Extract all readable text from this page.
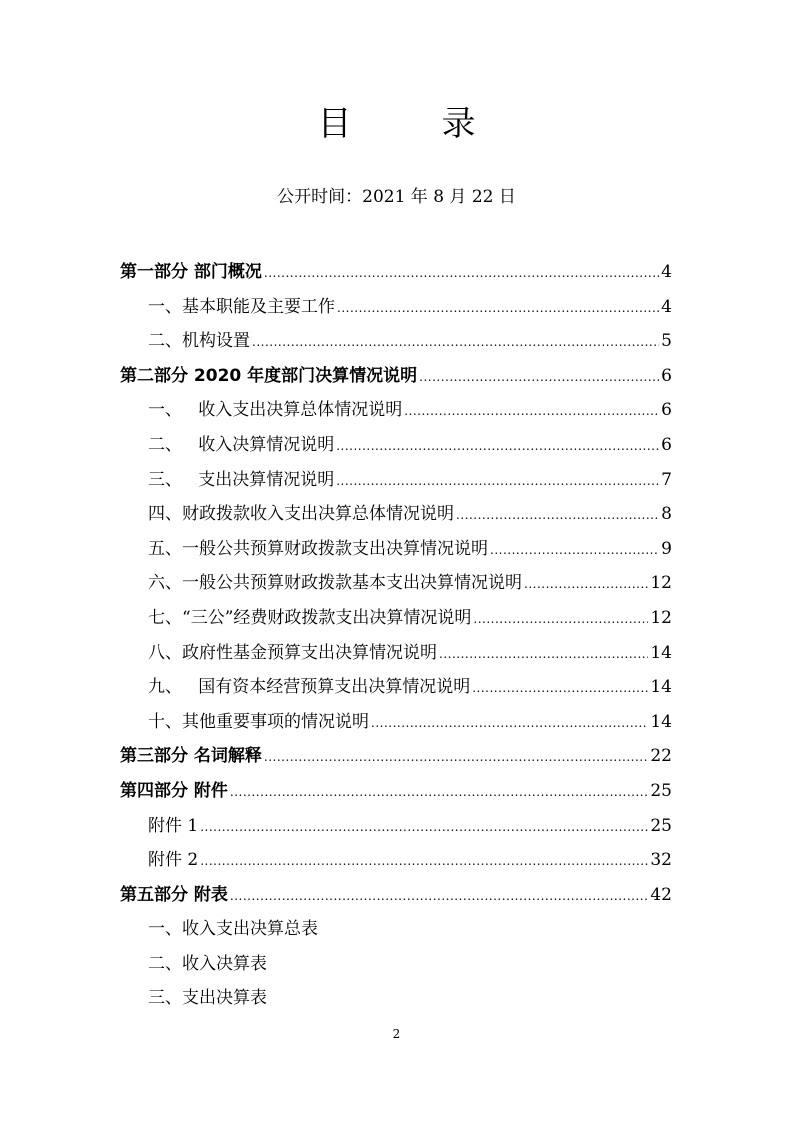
目　录
公开时间：2021 年 8 月 22 日
第一部分 部门概况 .....	4
一、基本职能及主要工作 .....	4
二、机构设置 .....	5
第二部分 2020 年度部门决算情况说明 .....	6
一、   收入支出决算总体情况说明 .....	6
二、   收入决算情况说明 .....	6
三、   支出决算情况说明 .....	7
四、财政拨款收入支出决算总体情况说明 .....	8
五、一般公共预算财政拨款支出决算情况说明 .....	9
六、一般公共预算财政拨款基本支出决算情况说明 .....	12
七、“三公”经费财政拨款支出决算情况说明 .....	12
八、政府性基金预算支出决算情况说明 .....	14
九、   国有资本经营预算支出决算情况说明 .....	14
十、其他重要事项的情况说明 .....	14
第三部分 名词解释 .....	22
第四部分 附件 .....	25
附件 1 .....	25
附件 2 .....	32
第五部分 附表 .....	42
一、收入支出决算总表
二、收入决算表
三、支出决算表
2
